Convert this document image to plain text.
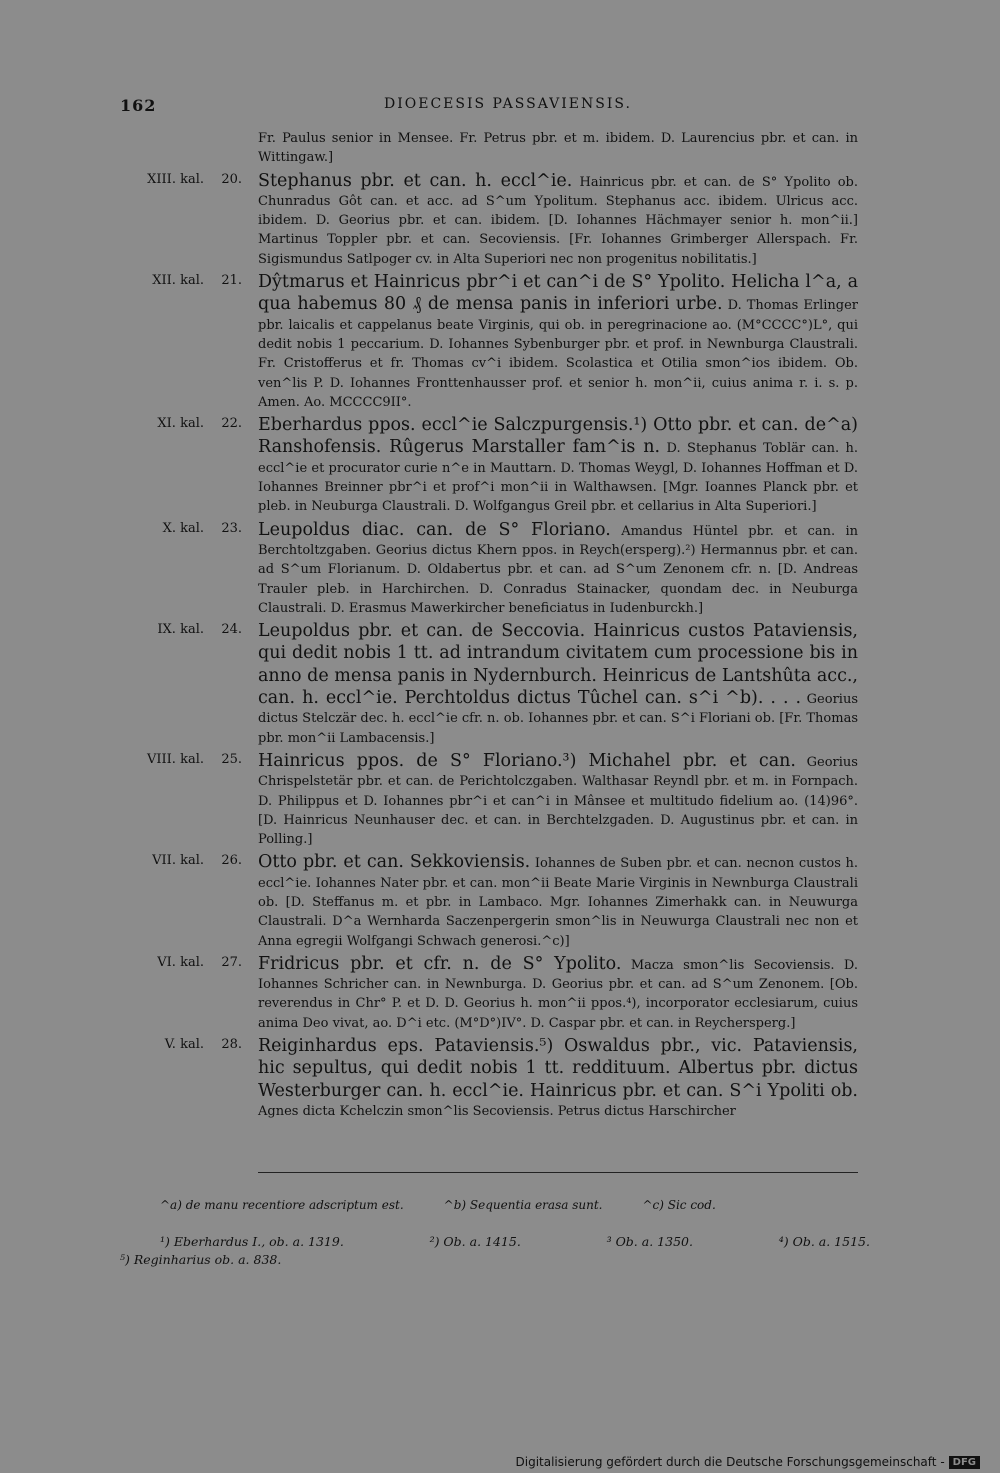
162	DIOECESIS PASSAVIENSIS.
Fr. Paulus senior in Mensee. Fr. Petrus pbr. et m. ibidem. D. Laurencius pbr. et can. in Wittingaw.]
XIII. kal. 20. Stephanus pbr. et can. h. eccl^ie. Hainricus pbr. et can. de S° Ypolito ob. Chunradus Gôt can. et acc. ad S^um Ypolitum. Stephanus acc. ibidem. Ulricus acc. ibidem. D. Georius pbr. et can. ibidem. [D. Iohannes Hächmayer senior h. mon^ii.] Martinus Toppler pbr. et can. Secoviensis. [Fr. Iohannes Grimberger Allerspach. Fr. Sigismundus Satlpoger cv. in Alta Superiori nec non progenitus nobilitatis.]
XII. kal. 21. Dŷtmarus et Hainricus pbr^i et can^i de S° Ypolito. Helicha l^a, a qua habemus 80 ₰ de mensa panis in inferiori urbe. D. Thomas Erlinger pbr. laicalis et cappelanus beate Virginis, qui ob. in peregrinacione ao. (M°CCCC°)L°, qui dedit nobis 1 peccarium. D. Iohannes Sybenburger pbr. et prof. in Newnburga Claustrali. Fr. Cristofferus et fr. Thomas cv^i ibidem. Scolastica et Otilia smon^ios ibidem. Ob. ven^lis P. D. Iohannes Fronttenhausser prof. et senior h. mon^ii, cuius anima r. i. s. p. Amen. Ao. MCCCC9II°.
XI. kal. 22. Eberhardus ppos. eccl^ie Salczpurgensis.¹) Otto pbr. et can. de^a) Ranshofensis. Rûgerus Marstaller fam^is n. D. Stephanus Toblär can. h. eccl^ie et procurator curie n^e in Mauttarn. D. Thomas Weygl, D. Iohannes Hoffman et D. Iohannes Breinner pbr^i et prof^i mon^ii in Walthawsen. [Mgr. Ioannes Planck pbr. et pleb. in Neuburga Claustrali. D. Wolfgangus Greil pbr. et cellarius in Alta Superiori.]
X. kal. 23. Leupoldus diac. can. de S° Floriano. Amandus Hüntel pbr. et can. in Berchtoltzgaben. Georius dictus Khern ppos. in Reych(ersperg).²) Hermannus pbr. et can. ad S^um Florianum. D. Oldabertus pbr. et can. ad S^um Zenonem cfr. n. [D. Andreas Trauler pleb. in Harchirchen. D. Conradus Stainacker, quondam dec. in Neuburga Claustrali. D. Erasmus Mawerkircher beneficiatus in Iudenburckh.]
IX. kal. 24. Leupoldus pbr. et can. de Seccovia. Hainricus custos Pataviensis, qui dedit nobis 1 tt. ad intrandum civitatem cum processione bis in anno de mensa panis in Nydernburch. Heinricus de Lantshûta acc., can. h. eccl^ie. Perchtoldus dictus Tûchel can. s^i ^b). . . . Georius dictus Stelczär dec. h. eccl^ie cfr. n. ob. Iohannes pbr. et can. S^i Floriani ob. [Fr. Thomas pbr. mon^ii Lambacensis.]
VIII. kal. 25. Hainricus ppos. de S° Floriano.³) Michahel pbr. et can. Georius Chrispelstetär pbr. et can. de Perichtolczgaben. Walthasar Reyndl pbr. et m. in Fornpach. D. Philippus et D. Iohannes pbr^i et can^i in Mânsee et multitudo fidelium ao. (14)96°. [D. Hainricus Neunhauser dec. et can. in Berchtelzgaden. D. Augustinus pbr. et can. in Polling.]
VII. kal. 26. Otto pbr. et can. Sekkoviensis. Iohannes de Suben pbr. et can. necnon custos h. eccl^ie. Iohannes Nater pbr. et can. mon^ii Beate Marie Virginis in Newnburga Claustrali ob. [D. Steffanus m. et pbr. in Lambaco. Mgr. Iohannes Zimerhakk can. in Neuwurga Claustrali. D^a Wernharda Saczenpergerin smon^lis in Neuwurga Claustrali nec non et Anna egregii Wolfgangi Schwach generosi.^c)]
VI. kal. 27. Fridricus pbr. et cfr. n. de S° Ypolito. Macza smon^lis Secoviensis. D. Iohannes Schricher can. in Newnburga. D. Georius pbr. et can. ad S^um Zenonem. [Ob. reverendus in Chr° P. et D. D. Georius h. mon^ii ppos.⁴), incorporator ecclesiarum, cuius anima Deo vivat, ao. D^i etc. (M°D°)IV°. D. Caspar pbr. et can. in Reychersperg.]
V. kal. 28. Reiginhardus eps. Pataviensis.⁵) Oswaldus pbr., vic. Pataviensis, hic sepultus, qui dedit nobis 1 tt. reddituum. Albertus pbr. dictus Westerburger can. h. eccl^ie. Hainricus pbr. et can. S^i Ypoliti ob. Agnes dicta Kchelczin smon^lis Secoviensis. Petrus dictus Harschircher
^a) de manu recentiore adscriptum est.	^b) Sequentia erasa sunt.	^c) Sic cod.
¹) Eberhardus I., ob. a. 1319.	²) Ob. a. 1415.	³ Ob. a. 1350.	⁴) Ob. a. 1515.
⁵) Reginharius ob. a. 838.
Digitalisierung gefördert durch die Deutsche Forschungsgemeinschaft - DFG
